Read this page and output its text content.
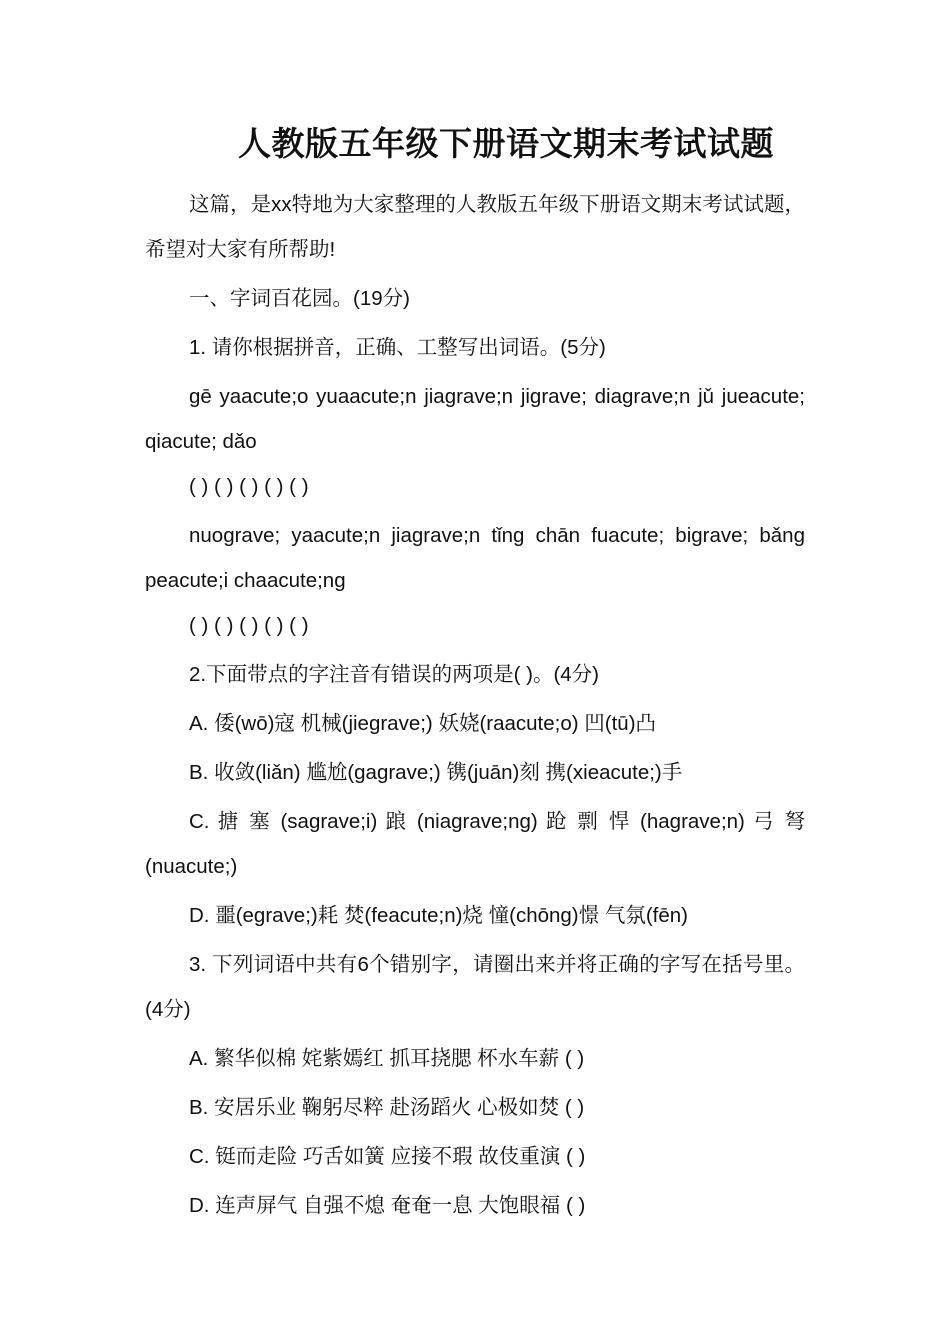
人教版五年级下册语文期末考试试题

这篇，是xx特地为大家整理的人教版五年级下册语文期末考试试题，希望对大家有所帮助!

一、字词百花园。(19分)

1. 请你根据拼音，正确、工整写出词语。(5分)

gē yaacute;o yuaacute;n jiagrave;n jigrave; diagrave;n jǔ jueacute; qiacute; dǎo

( ) ( ) ( ) ( ) ( )

nuograve; yaacute;n jiagrave;n tǐng chān fuacute; bigrave; bǎng peacute;i chaacute;ng

( ) ( ) ( ) ( ) ( )

2.下面带点的字注音有错误的两项是( )。(4分)

A. 倭(wō)寇 机械(jiegrave;) 妖娆(raacute;o) 凹(tū)凸

B. 收敛(liǎn) 尴尬(gagrave;) 镌(juān)刻 携(xieacute;)手

C. 搪 塞 (sagrave;i) 踉 (niagrave;ng) 跄 剽 悍 (hagrave;n) 弓 弩 (nuacute;)

D. 噩(egrave;)耗 焚(feacute;n)烧 憧(chōng)憬 气氛(fēn)

3. 下列词语中共有6个错别字，请圈出来并将正确的字写在括号里。(4分)

A. 繁华似棉 姹紫嫣红 抓耳挠腮 杯水车薪 ( )

B. 安居乐业 鞠躬尽粹 赴汤蹈火 心极如焚 ( )

C. 铤而走险 巧舌如簧 应接不瑕 故伎重演 ( )

D. 连声屏气 自强不熄 奄奄一息 大饱眼福 ( )
